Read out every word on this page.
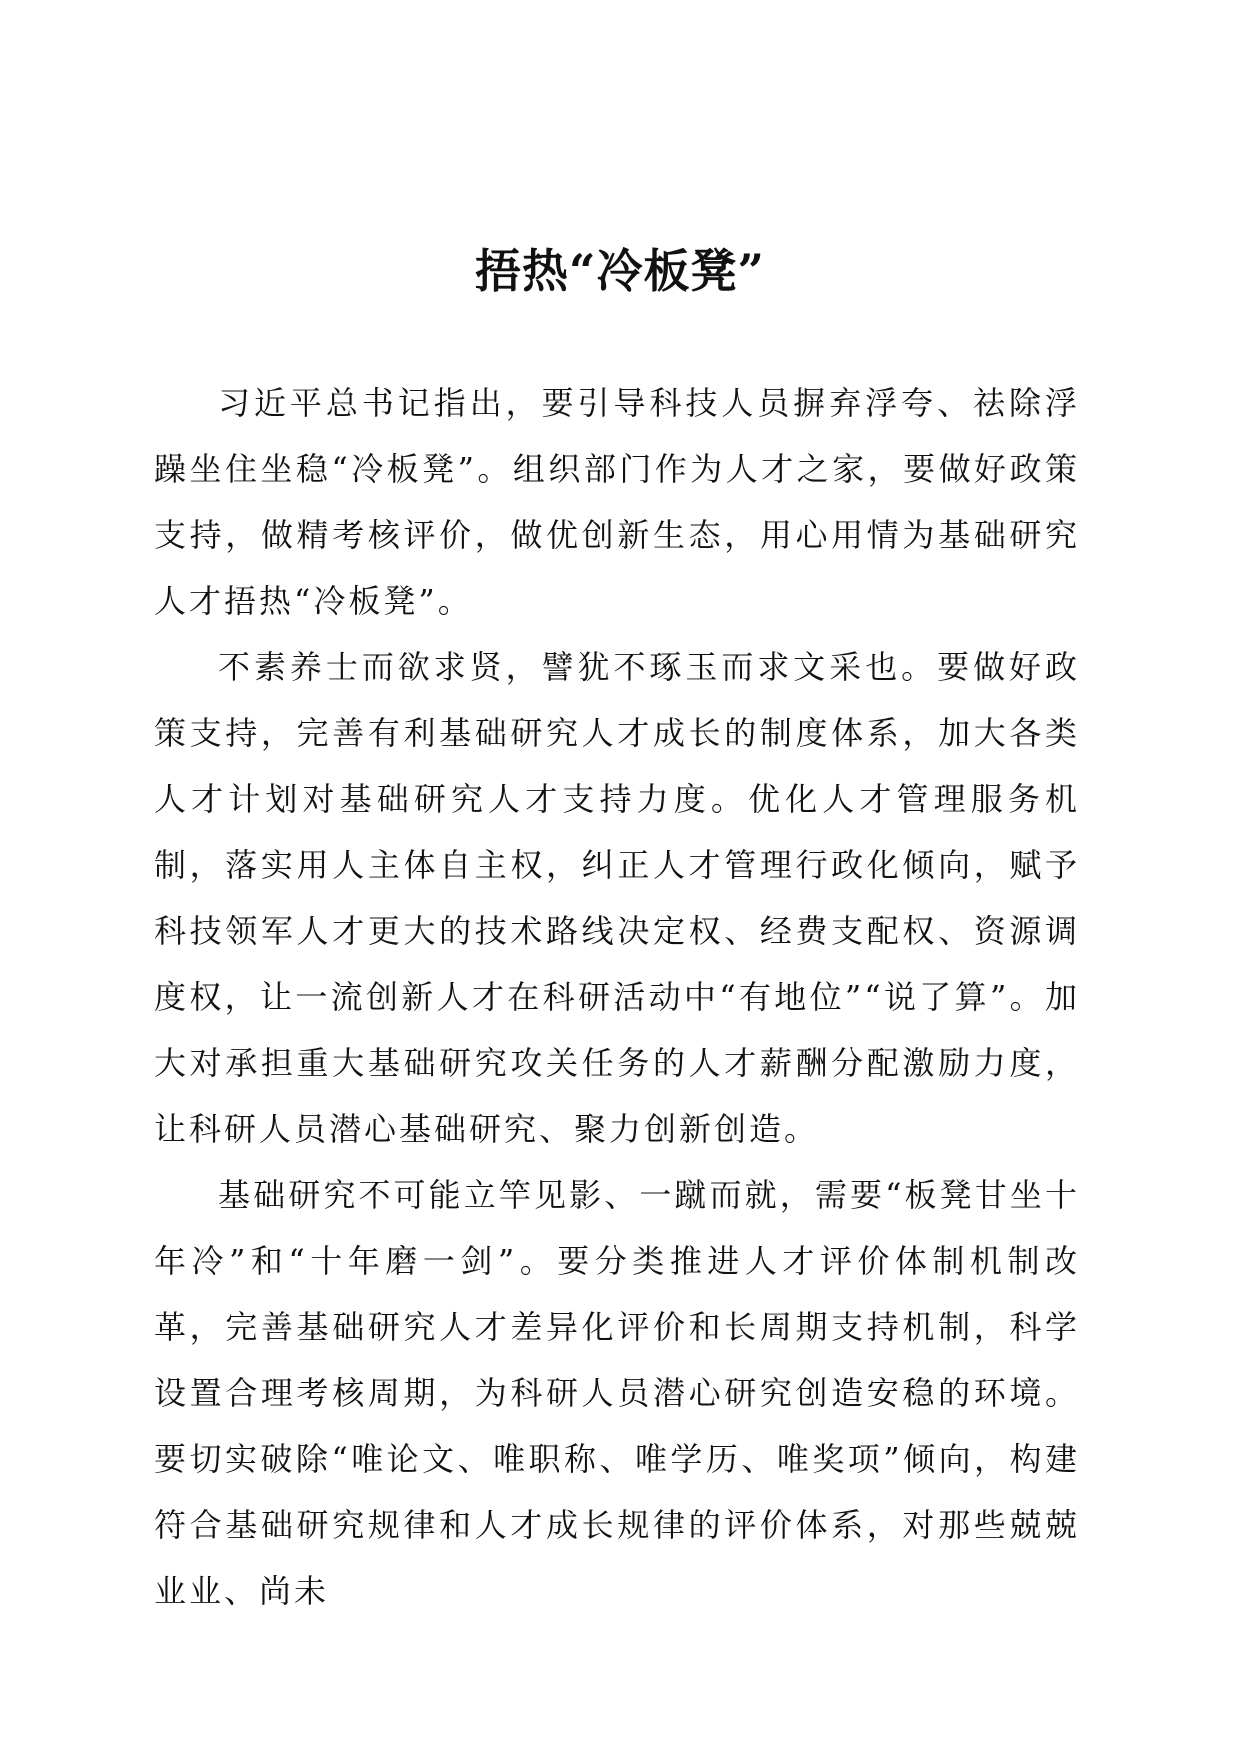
捂热“冷板凳”

习近平总书记指出，要引导科技人员摒弃浮夸、祛除浮躁坐住坐稳“冷板凳”。组织部门作为人才之家，要做好政策支持，做精考核评价，做优创新生态，用心用情为基础研究人才捂热“冷板凳”。

不素养士而欲求贤，譬犹不琢玉而求文采也。要做好政策支持，完善有利基础研究人才成长的制度体系，加大各类人才计划对基础研究人才支持力度。优化人才管理服务机制，落实用人主体自主权，纠正人才管理行政化倾向，赋予科技领军人才更大的技术路线决定权、经费支配权、资源调度权，让一流创新人才在科研活动中“有地位”“说了算”。加大对承担重大基础研究攻关任务的人才薪酬分配激励力度，让科研人员潜心基础研究、聚力创新创造。

基础研究不可能立竿见影、一蹴而就，需要“板凳甘坐十年冷”和“十年磨一剑”。要分类推进人才评价体制机制改革，完善基础研究人才差异化评价和长周期支持机制，科学设置合理考核周期，为科研人员潜心研究创造安稳的环境。要切实破除“唯论文、唯职称、唯学历、唯奖项”倾向，构建符合基础研究规律和人才成长规律的评价体系，对那些兢兢业业、尚未
